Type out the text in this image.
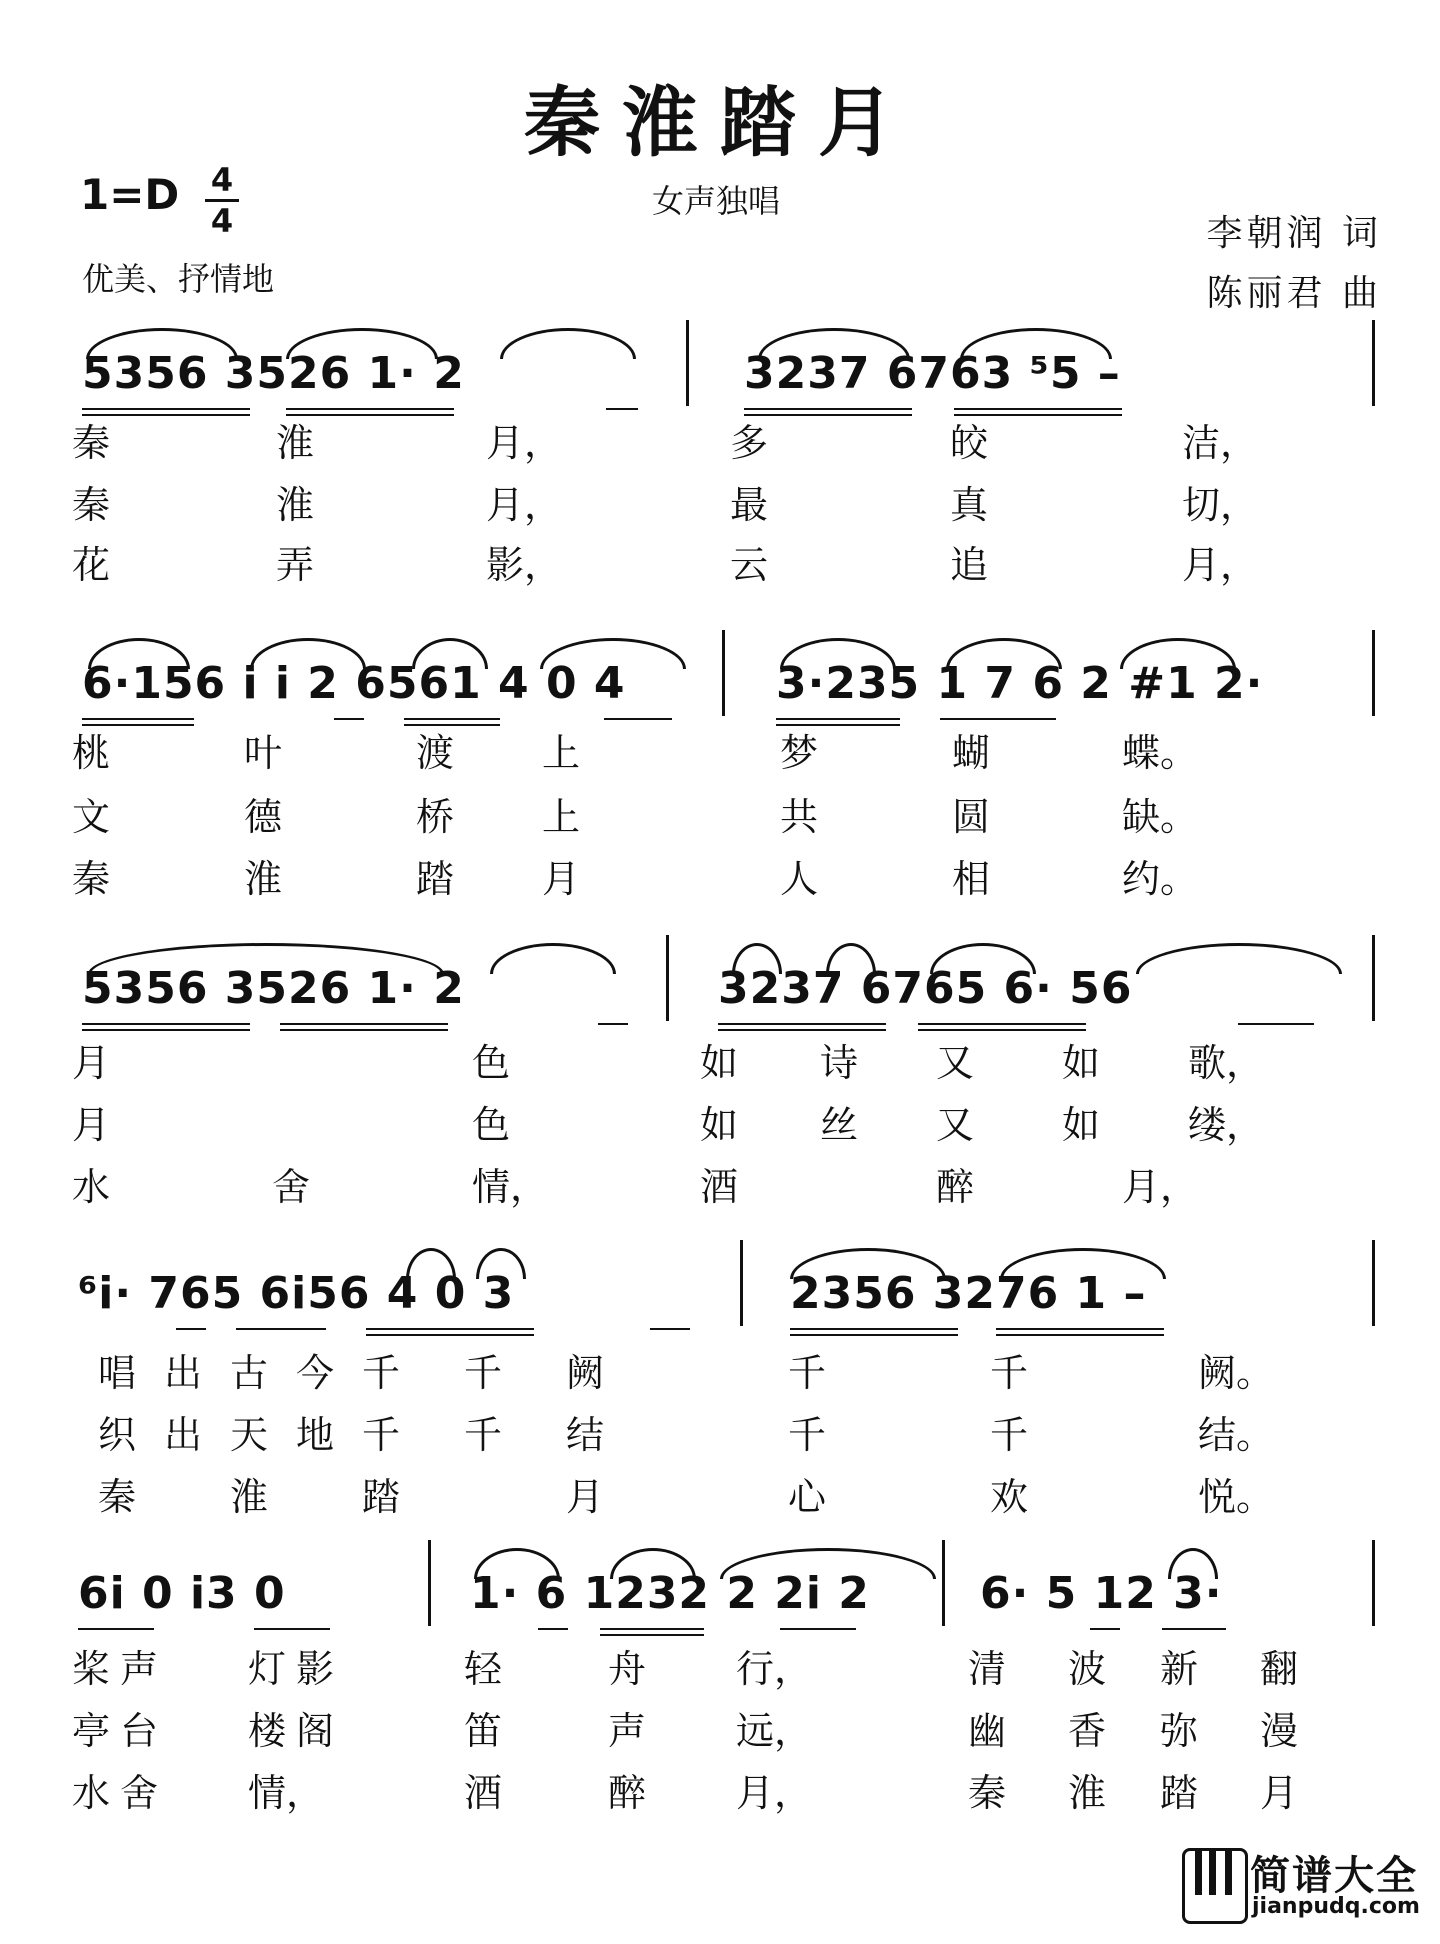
秦淮踏月
1=D 4
4
女声独唱
优美、抒情地
李朝润 词
陈丽君 曲
5356 3526 1· 2	3237 6763 ⁵5 –
秦	淮	月，	多	皎	洁，
秦	淮	月，	最	真	切，
花	弄	影，	云	追	月，
6·156 i i 2 6561 4 0 4	3·235 1 7 6 2 #1 2·
桃	叶	渡 上	梦	蝴	蝶。
文	德	桥 上	共	圆	缺。
秦	淮	踏 月	人	相	约。
5356 3526 1· 2	3237 6765 6· 56
月	色	如 诗 又 如 歌，
月	色	如 丝 又 如 缕，
水	舍	情，	酒	醉	月，
⁶i· 765 6i56 4 0 3	2356 3276 1 –
唱 出 古 今 千 千 阙	千	千	阙。
织 出 天 地 千 千 结	千	千	结。
秦 淮 踏	月	心	欢	悦。
6i 0 i3 0	1· 6 1232 2 2i 2	6· 5 12 3·
桨 声 灯 影	轻	舟 行，	清 波 新 翻
亭 台 楼 阁	笛	声 远，	幽 香 弥 漫
水 舍 情，	酒	醉 月，	秦 淮 踏 月
简谱大全
jianpudq.com
